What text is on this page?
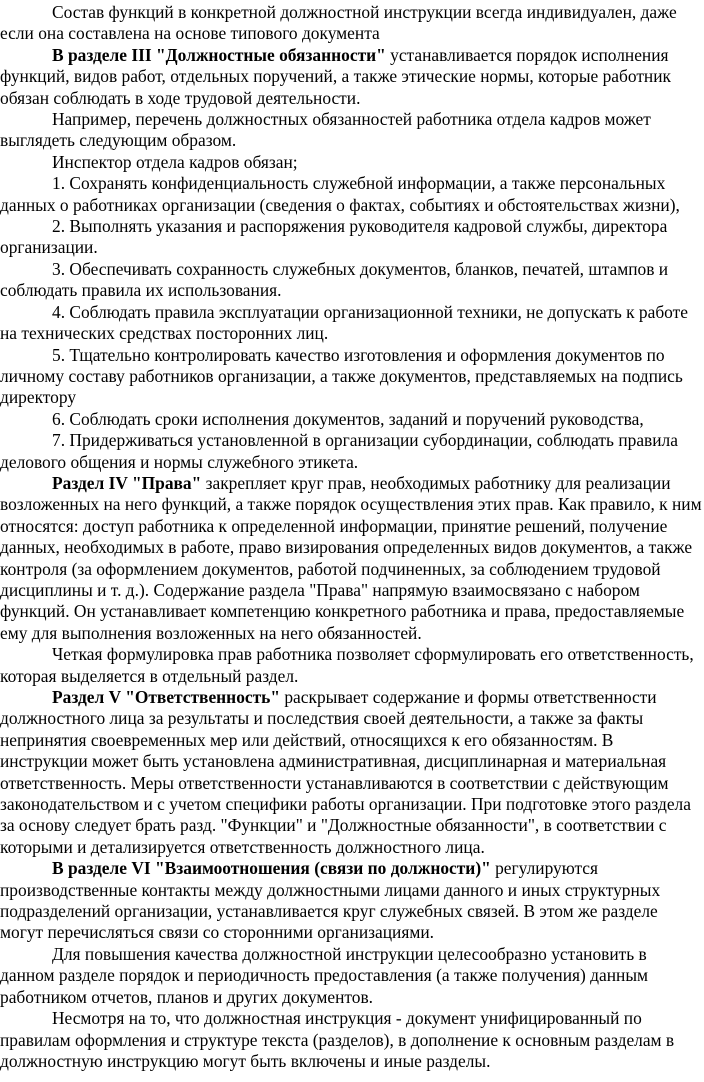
Состав функций в конкретной должностной инструкции всегда индивидуален, даже если она составлена на основе типового документа

В разделе III "Должностные обязанности" устанавливается порядок исполнения функций, видов работ, отдельных поручений, а также этические нормы, которые работник обязан соблюдать в ходе трудовой деятельности.

Например, перечень должностных обязанностей работника отдела кадров может выглядеть следующим образом.

Инспектор отдела кадров обязан;

1. Сохранять конфиденциальность служебной информации, а также персональных данных о работниках организации (сведения о фактах, событиях и обстоятельствах жизни),

2. Выполнять указания и распоряжения руководителя кадровой службы, директора организации.

3. Обеспечивать сохранность служебных документов, бланков, печатей, штампов и соблюдать правила их использования.

4. Соблюдать правила эксплуатации организационной техники, не допускать к работе на технических средствах посторонних лиц.

5. Тщательно контролировать качество изготовления и оформления документов по личному составу работников организации, а также документов, представляемых на подпись директору

6. Соблюдать сроки исполнения документов, заданий и поручений руководства,

7. Придерживаться установленной в организации субординации, соблюдать правила делового общения и нормы служебного этикета.

Раздел IV "Права" закрепляет круг прав, необходимых работнику для реализации возложенных на него функций, а также порядок осуществления этих прав. Как правило, к ним относятся: доступ работника к определенной информации, принятие решений, получение данных, необходимых в работе, право визирования определенных видов документов, а также контроля (за оформлением документов, работой подчиненных, за соблюдением трудовой дисциплины и т. д.). Содержание раздела "Права" напрямую взаимосвязано с набором функций. Он устанавливает компетенцию конкретного работника и права, предоставляемые ему для выполнения возложенных на него обязанностей.

Четкая формулировка прав работника позволяет сформулировать его ответственность, которая выделяется в отдельный раздел.

Раздел V "Ответственность" раскрывает содержание и формы ответственности должностного лица за результаты и последствия своей деятельности, а также за факты непринятия своевременных мер или действий, относящихся к его обязанностям. В инструкции может быть установлена административная, дисциплинарная и материальная ответственность. Меры ответственности устанавливаются в соответствии с действующим законодательством и с учетом специфики работы организации. При подготовке этого раздела за основу следует брать разд. "Функции" и "Должностные обязанности", в соответствии с которыми и детализируется ответственность должностного лица.

В разделе VI "Взаимоотношения (связи по должности)" регулируются производственные контакты между должностными лицами данного и иных структурных подразделений организации, устанавливается круг служебных связей. В этом же разделе могут перечисляться связи со сторонними организациями.

Для повышения качества должностной инструкции целесообразно установить в данном разделе порядок и периодичность предоставления (а также получения) данным работником отчетов, планов и других документов.

Несмотря на то, что должностная инструкция - документ унифицированный по правилам оформления и структуре текста (разделов), в дополнение к основным разделам в должностную инструкцию могут быть включены и иные разделы.
